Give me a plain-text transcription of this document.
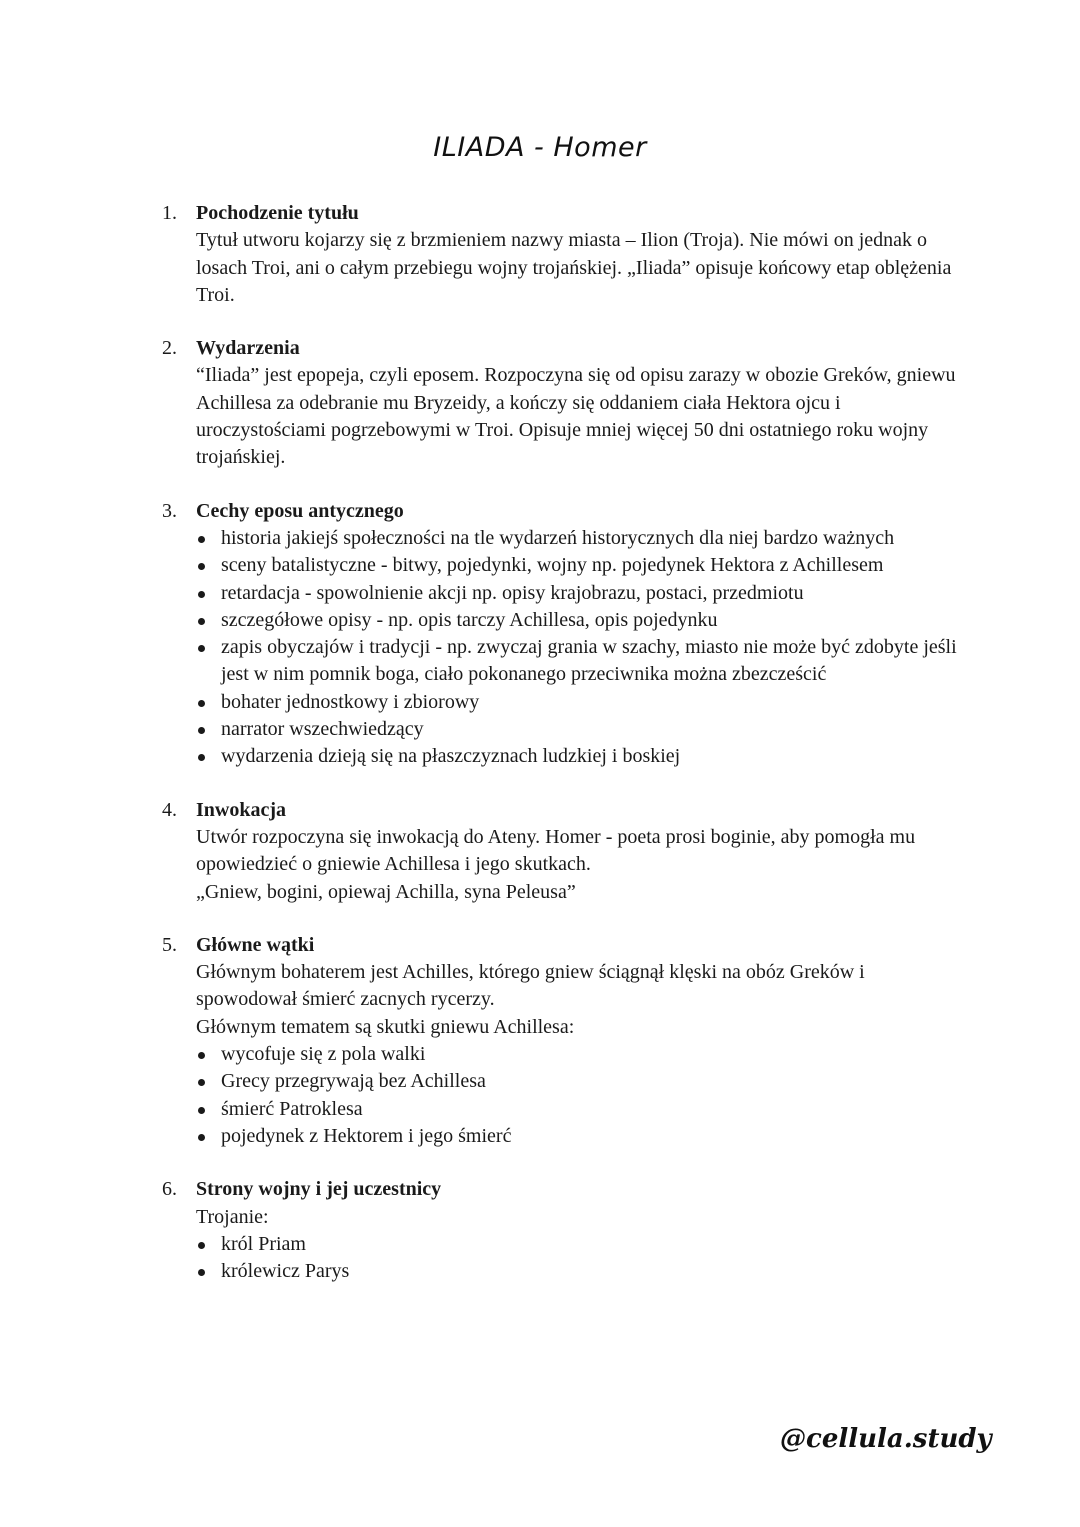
ILIADA - Homer
1. Pochodzenie tytułu
Tytuł utworu kojarzy się z brzmieniem nazwy miasta – Ilion (Troja). Nie mówi on jednak o losach Troi, ani o całym przebiegu wojny trojańskiej. „Iliada” opisuje końcowy etap oblężenia Troi.
2. Wydarzenia
“Iliada” jest epopeja, czyli eposem. Rozpoczyna się od opisu zarazy w obozie Greków, gniewu Achillesa za odebranie mu Bryzeidy, a kończy się oddaniem ciała Hektora ojcu i uroczystościami pogrzebowymi w Troi. Opisuje mniej więcej 50 dni ostatniego roku wojny trojańskiej.
3. Cechy eposu antycznego
historia jakiejś społeczności na tle wydarzeń historycznych dla niej bardzo ważnych
sceny batalistyczne - bitwy, pojedynki, wojny np. pojedynek Hektora z Achillesem
retardacja - spowolnienie akcji np. opisy krajobrazu, postaci, przedmiotu
szczegółowe opisy - np. opis tarczy Achillesa, opis pojedynku
zapis obyczajów i tradycji - np. zwyczaj grania w szachy, miasto nie może być zdobyte jeśli jest w nim pomnik boga, ciało pokonanego przeciwnika można zbezcześcić
bohater jednostkowy i zbiorowy
narrator wszechwiedzący
wydarzenia dzieją się na płaszczyznach ludzkiej i boskiej
4. Inwokacja
Utwór rozpoczyna się inwokacją do Ateny. Homer - poeta prosi boginie, aby pomogła mu opowiedzieć o gniewie Achillesa i jego skutkach.
„Gniew, bogini, opiewaj Achilla, syna Peleusa”
5. Główne wątki
Głównym bohaterem jest Achilles, którego gniew ściągnął klęski na obóz Greków i spowodował śmierć zacnych rycerzy.
Głównym tematem są skutki gniewu Achillesa:
wycofuje się z pola walki
Grecy przegrywają bez Achillesa
śmierć Patroklesa
pojedynek z Hektorem i jego śmierć
6. Strony wojny i jej uczestnicy
Trojanie:
król Priam
królewicz Parys
@cellula.study
